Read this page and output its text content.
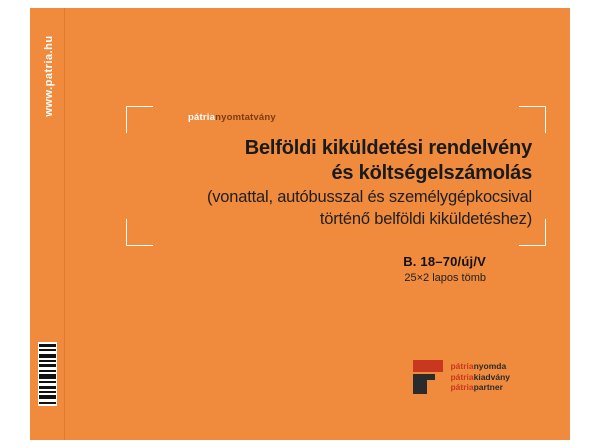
www.patria.hu
pátrianyomtatvány
Belföldi kiküldetési rendelvény
és költségelszámolás
(vonattal, autóbusszal és személygépkocsival
történő belföldi kiküldetéshez)
B. 18–70/új/V
25×2 lapos tömb
pátrianyomda
pátriakiadvány
pátriapartner
